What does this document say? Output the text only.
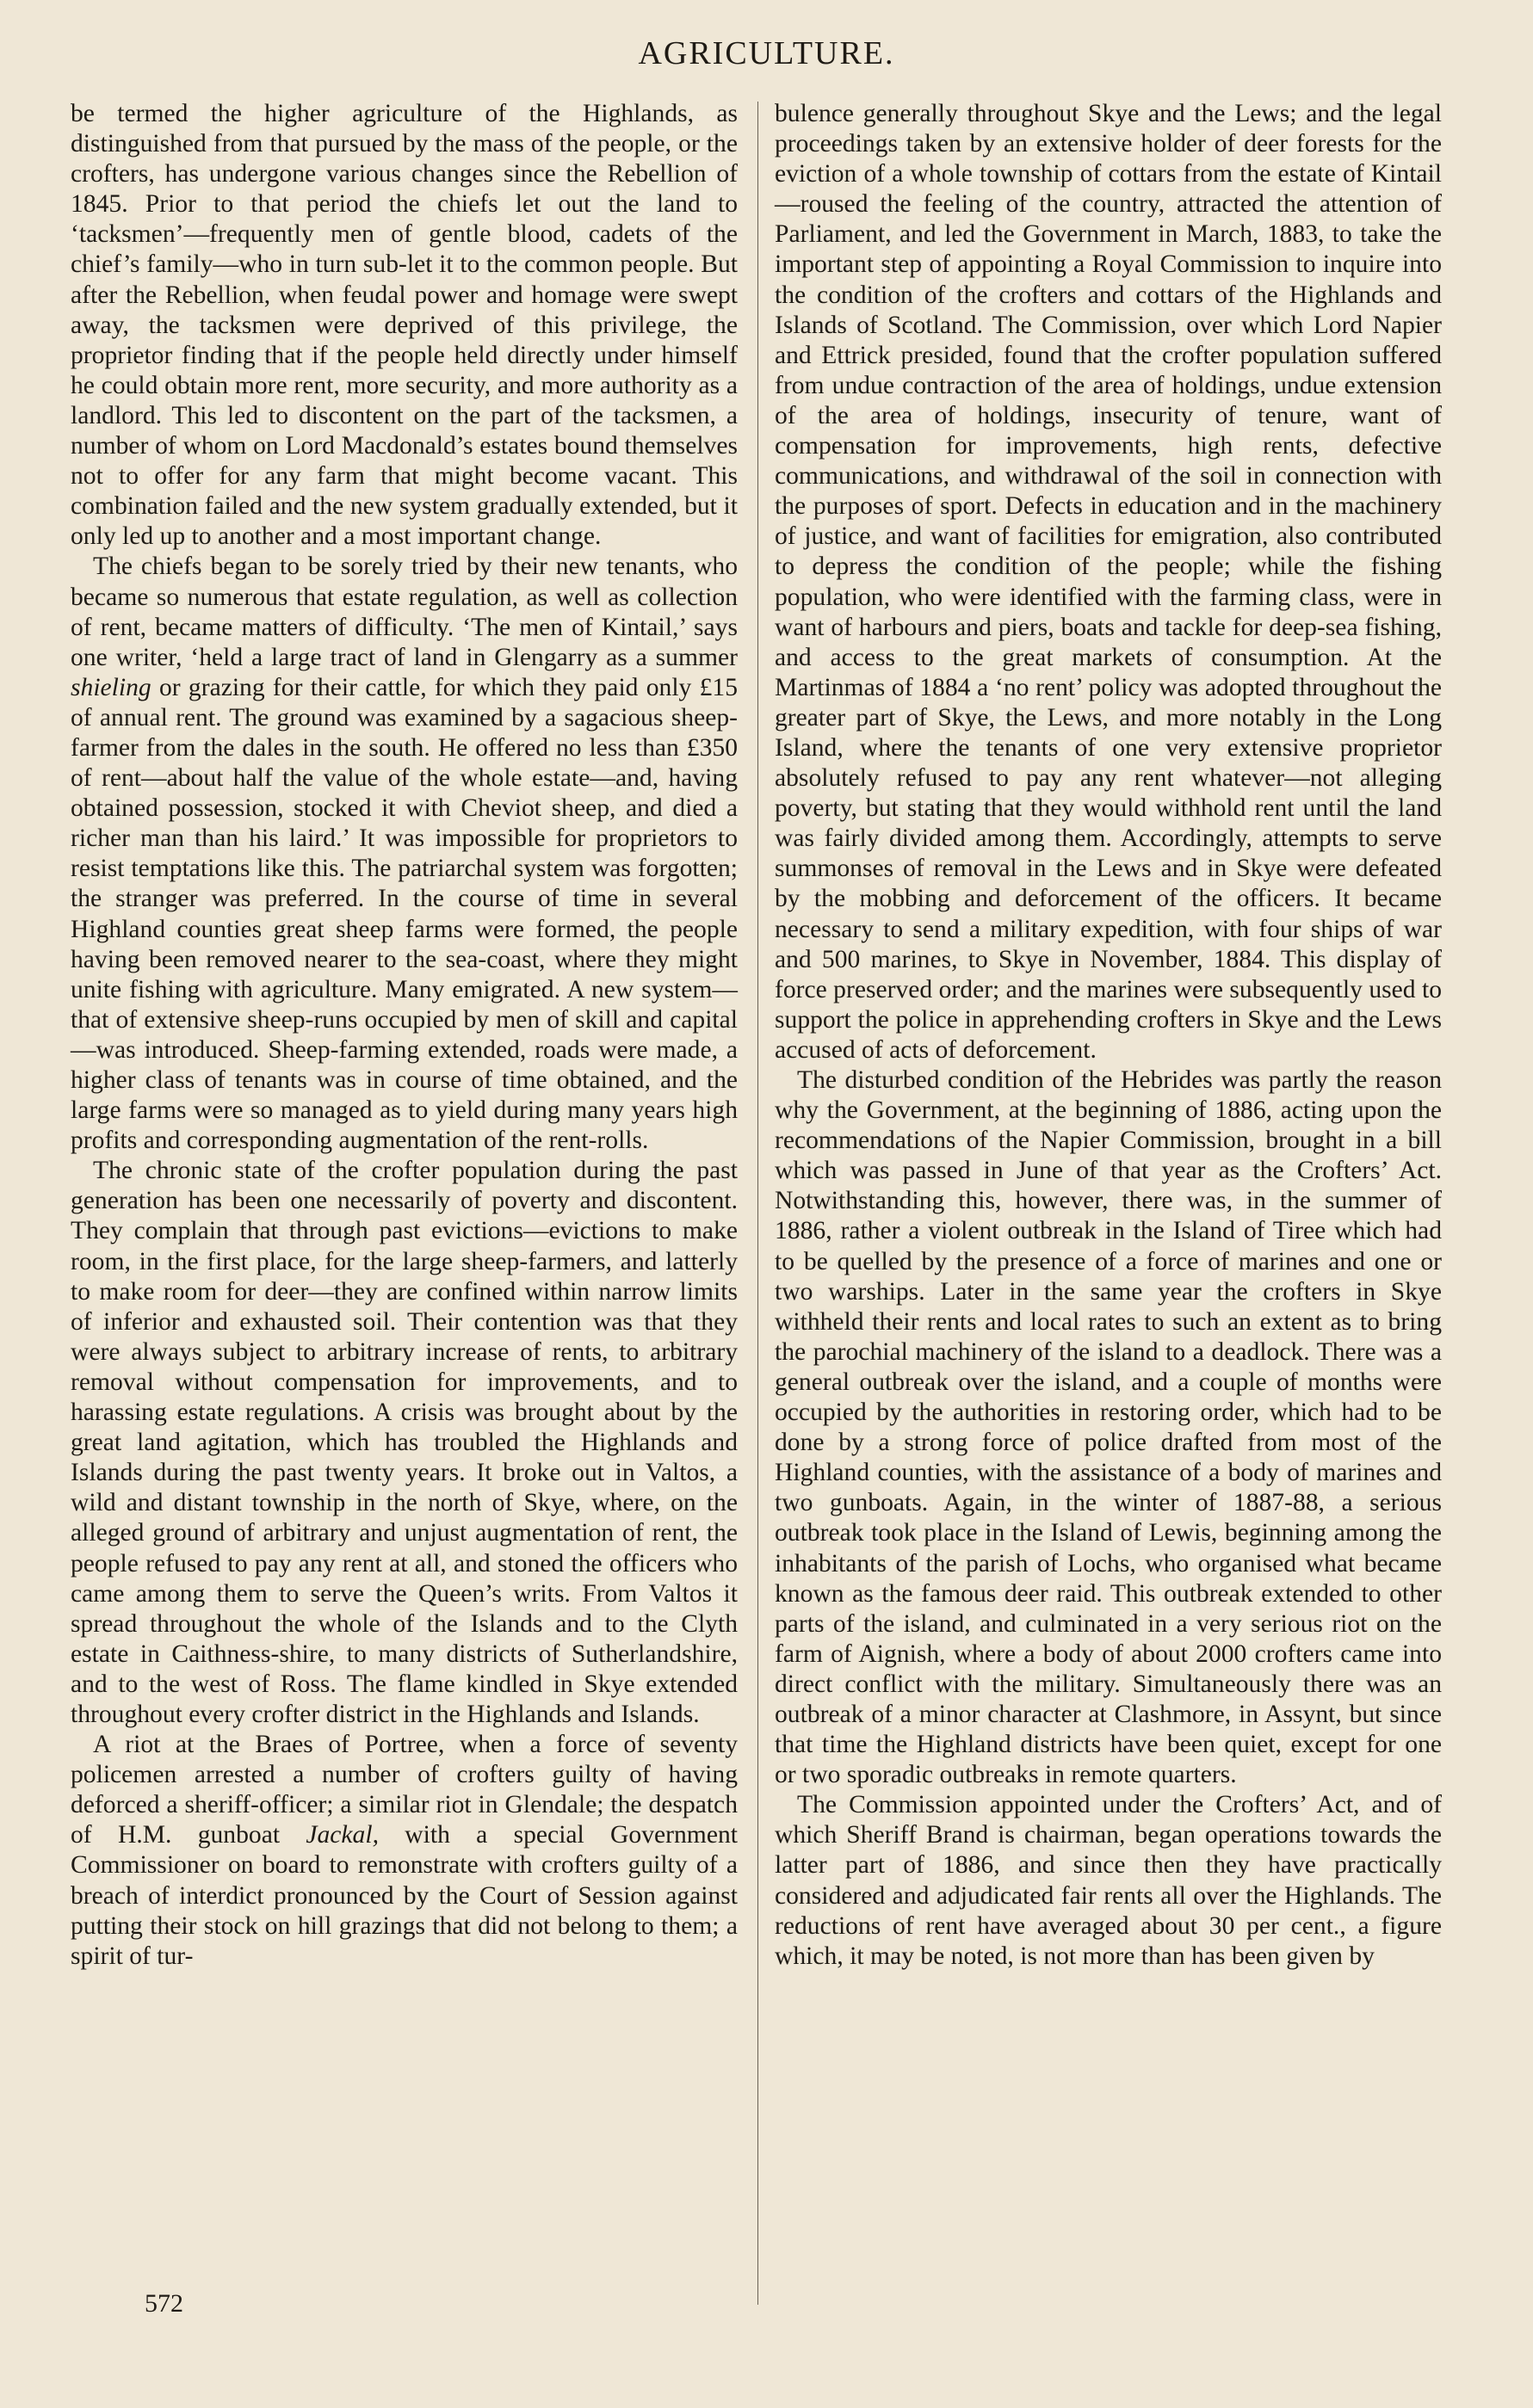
AGRICULTURE.

be termed the higher agriculture of the Highlands, as distinguished from that pursued by the mass of the people, or the crofters, has undergone various changes since the Rebellion of 1845. Prior to that period the chiefs let out the land to ‘tacksmen’—frequently men of gentle blood, cadets of the chief’s family—who in turn sub-let it to the common people. But after the Rebellion, when feudal power and homage were swept away, the tacksmen were deprived of this privilege, the proprietor finding that if the people held directly under himself he could obtain more rent, more security, and more authority as a landlord. This led to discontent on the part of the tacksmen, a number of whom on Lord Macdonald’s estates bound themselves not to offer for any farm that might become vacant. This combination failed and the new system gradually extended, but it only led up to another and a most important change.

The chiefs began to be sorely tried by their new tenants, who became so numerous that estate regulation, as well as collection of rent, became matters of difficulty. ‘The men of Kintail,’ says one writer, ‘held a large tract of land in Glengarry as a summer shieling or grazing for their cattle, for which they paid only £15 of annual rent. The ground was examined by a sagacious sheep-farmer from the dales in the south. He offered no less than £350 of rent—about half the value of the whole estate—and, having obtained possession, stocked it with Cheviot sheep, and died a richer man than his laird.’ It was impossible for proprietors to resist temptations like this. The patriarchal system was forgotten; the stranger was preferred. In the course of time in several Highland counties great sheep farms were formed, the people having been removed nearer to the sea-coast, where they might unite fishing with agriculture. Many emigrated. A new system—that of extensive sheep-runs occupied by men of skill and capital—was introduced. Sheep-farming extended, roads were made, a higher class of tenants was in course of time obtained, and the large farms were so managed as to yield during many years high profits and corresponding augmentation of the rent-rolls.

The chronic state of the crofter population during the past generation has been one necessarily of poverty and discontent. They complain that through past evictions—evictions to make room, in the first place, for the large sheep-farmers, and latterly to make room for deer—they are confined within narrow limits of inferior and exhausted soil. Their contention was that they were always subject to arbitrary increase of rents, to arbitrary removal without compensation for improvements, and to harassing estate regulations. A crisis was brought about by the great land agitation, which has troubled the Highlands and Islands during the past twenty years. It broke out in Valtos, a wild and distant township in the north of Skye, where, on the alleged ground of arbitrary and unjust augmentation of rent, the people refused to pay any rent at all, and stoned the officers who came among them to serve the Queen’s writs. From Valtos it spread throughout the whole of the Islands and to the Clyth estate in Caithness-shire, to many districts of Sutherlandshire, and to the west of Ross. The flame kindled in Skye extended throughout every crofter district in the Highlands and Islands.

A riot at the Braes of Portree, when a force of seventy policemen arrested a number of crofters guilty of having deforced a sheriff-officer; a similar riot in Glendale; the despatch of H.M. gunboat Jackal, with a special Government Commissioner on board to remonstrate with crofters guilty of a breach of interdict pronounced by the Court of Session against putting their stock on hill grazings that did not belong to them; a spirit of tur-

bulence generally throughout Skye and the Lews; and the legal proceedings taken by an extensive holder of deer forests for the eviction of a whole township of cottars from the estate of Kintail—roused the feeling of the country, attracted the attention of Parliament, and led the Government in March, 1883, to take the important step of appointing a Royal Commission to inquire into the condition of the crofters and cottars of the Highlands and Islands of Scotland. The Commission, over which Lord Napier and Ettrick presided, found that the crofter population suffered from undue contraction of the area of holdings, undue extension of the area of holdings, insecurity of tenure, want of compensation for improvements, high rents, defective communications, and withdrawal of the soil in connection with the purposes of sport. Defects in education and in the machinery of justice, and want of facilities for emigration, also contributed to depress the condition of the people; while the fishing population, who were identified with the farming class, were in want of harbours and piers, boats and tackle for deep-sea fishing, and access to the great markets of consumption. At the Martinmas of 1884 a ‘no rent’ policy was adopted throughout the greater part of Skye, the Lews, and more notably in the Long Island, where the tenants of one very extensive proprietor absolutely refused to pay any rent whatever—not alleging poverty, but stating that they would withhold rent until the land was fairly divided among them. Accordingly, attempts to serve summonses of removal in the Lews and in Skye were defeated by the mobbing and deforcement of the officers. It became necessary to send a military expedition, with four ships of war and 500 marines, to Skye in November, 1884. This display of force preserved order; and the marines were subsequently used to support the police in apprehending crofters in Skye and the Lews accused of acts of deforcement.

The disturbed condition of the Hebrides was partly the reason why the Government, at the beginning of 1886, acting upon the recommendations of the Napier Commission, brought in a bill which was passed in June of that year as the Crofters’ Act. Notwithstanding this, however, there was, in the summer of 1886, rather a violent outbreak in the Island of Tiree which had to be quelled by the presence of a force of marines and one or two warships. Later in the same year the crofters in Skye withheld their rents and local rates to such an extent as to bring the parochial machinery of the island to a deadlock. There was a general outbreak over the island, and a couple of months were occupied by the authorities in restoring order, which had to be done by a strong force of police drafted from most of the Highland counties, with the assistance of a body of marines and two gunboats. Again, in the winter of 1887-88, a serious outbreak took place in the Island of Lewis, beginning among the inhabitants of the parish of Lochs, who organised what became known as the famous deer raid. This outbreak extended to other parts of the island, and culminated in a very serious riot on the farm of Aignish, where a body of about 2000 crofters came into direct conflict with the military. Simultaneously there was an outbreak of a minor character at Clashmore, in Assynt, but since that time the Highland districts have been quiet, except for one or two sporadic outbreaks in remote quarters.

The Commission appointed under the Crofters’ Act, and of which Sheriff Brand is chairman, began operations towards the latter part of 1886, and since then they have practically considered and adjudicated fair rents all over the Highlands. The reductions of rent have averaged about 30 per cent., a figure which, it may be noted, is not more than has been given by

572
